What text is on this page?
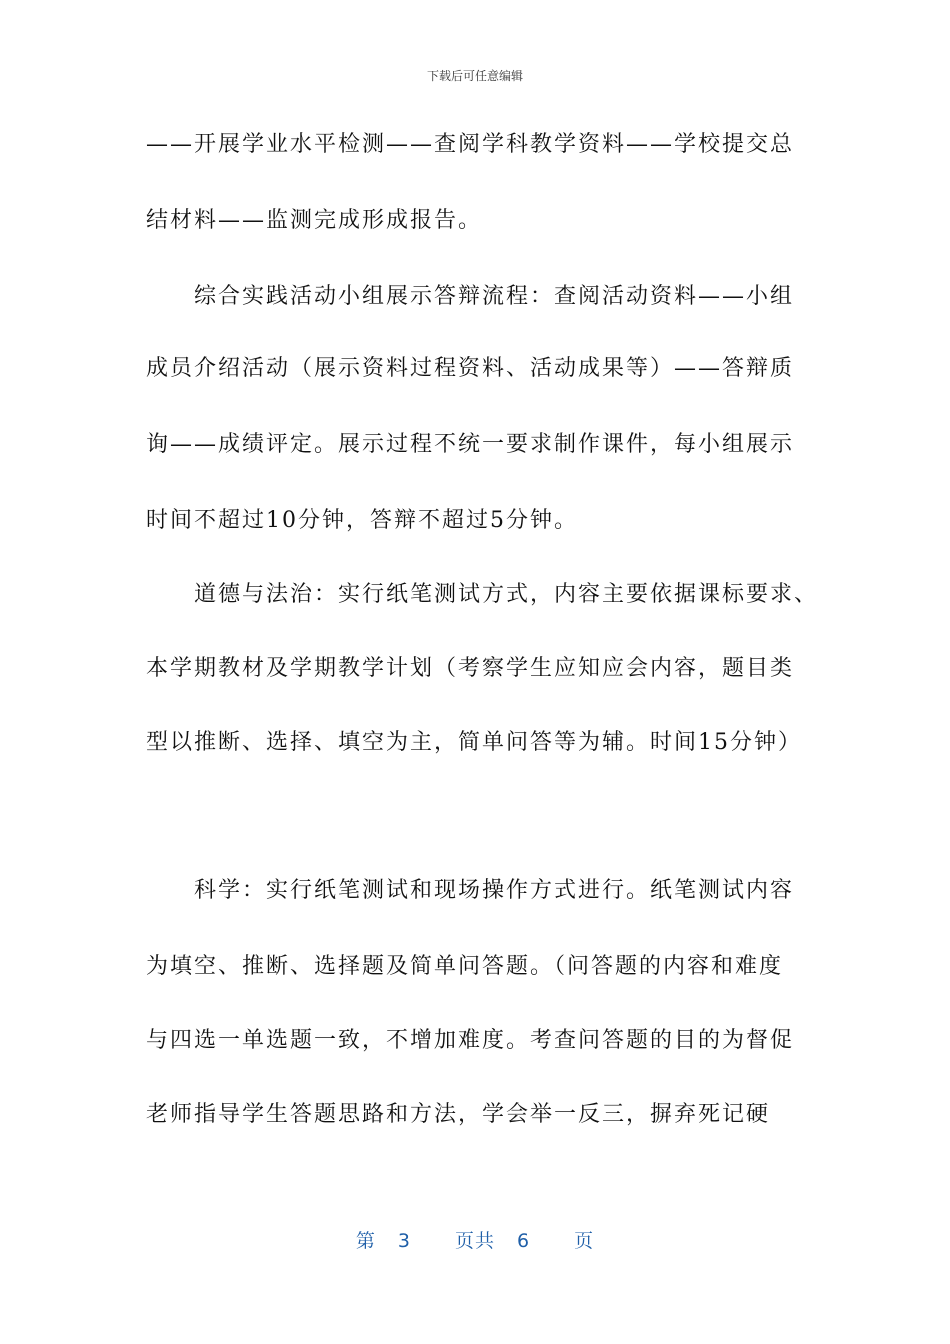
下载后可任意编辑
——开展学业水平检测——查阅学科教学资料——学校提交总
结材料——监测完成形成报告。
综合实践活动小组展示答辩流程：查阅活动资料——小组
成员介绍活动（展示资料过程资料、活动成果等）——答辩质
询——成绩评定。展示过程不统一要求制作课件，每小组展示
时间不超过10分钟，答辩不超过5分钟。
道德与法治：实行纸笔测试方式，内容主要依据课标要求、
本学期教材及学期教学计划（考察学生应知应会内容，题目类
型以推断、选择、填空为主，简单问答等为辅。时间15分钟）
科学：实行纸笔测试和现场操作方式进行。纸笔测试内容
为填空、推断、选择题及简单问答题。（问答题的内容和难度
与四选一单选题一致，不增加难度。考查问答题的目的为督促
老师指导学生答题思路和方法，学会举一反三，摒弃死记硬
第 3 页共 6 页
